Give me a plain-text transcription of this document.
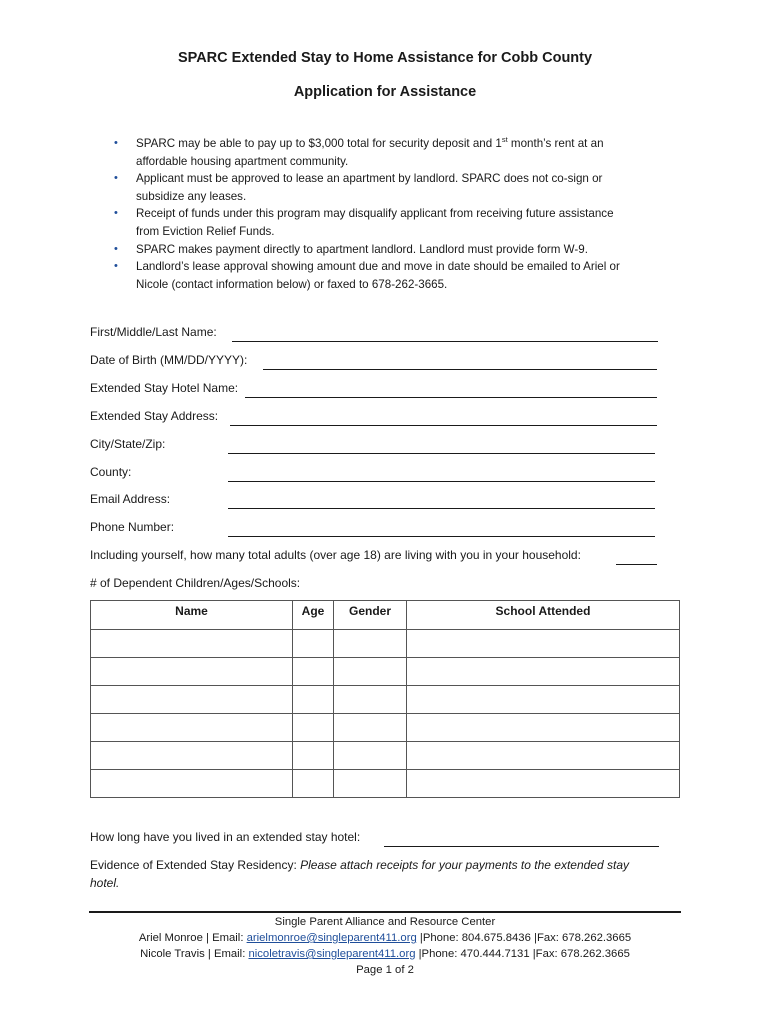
SPARC Extended Stay to Home Assistance for Cobb County
Application for Assistance
• SPARC may be able to pay up to $3,000 total for security deposit and 1st month’s rent at an
affordable housing apartment community.
• Applicant must be approved to lease an apartment by landlord. SPARC does not co-sign or
subsidize any leases.
• Receipt of funds under this program may disqualify applicant from receiving future assistance
from Eviction Relief Funds.
• SPARC makes payment directly to apartment landlord. Landlord must provide form W-9.
• Landlord’s lease approval showing amount due and move in date should be emailed to Ariel or
Nicole (contact information below) or faxed to 678-262-3665.
First/Middle/Last Name:
Date of Birth (MM/DD/YYYY):
Extended Stay Hotel Name:
Extended Stay Address:
City/State/Zip:
County:
Email Address:
Phone Number:
Including yourself, how many total adults (over age 18) are living with you in your household:
# of Dependent Children/Ages/Schools:
Name	Age	Gender	School Attended

How long have you lived in an extended stay hotel:
Evidence of Extended Stay Residency: Please attach receipts for your payments to the extended stay
hotel.
Single Parent Alliance and Resource Center
Ariel Monroe | Email: arielmonroe@singleparent411.org |Phone: 804.675.8436 |Fax: 678.262.3665
Nicole Travis | Email: nicoletravis@singleparent411.org |Phone: 470.444.7131 |Fax: 678.262.3665
Page 1 of 2
